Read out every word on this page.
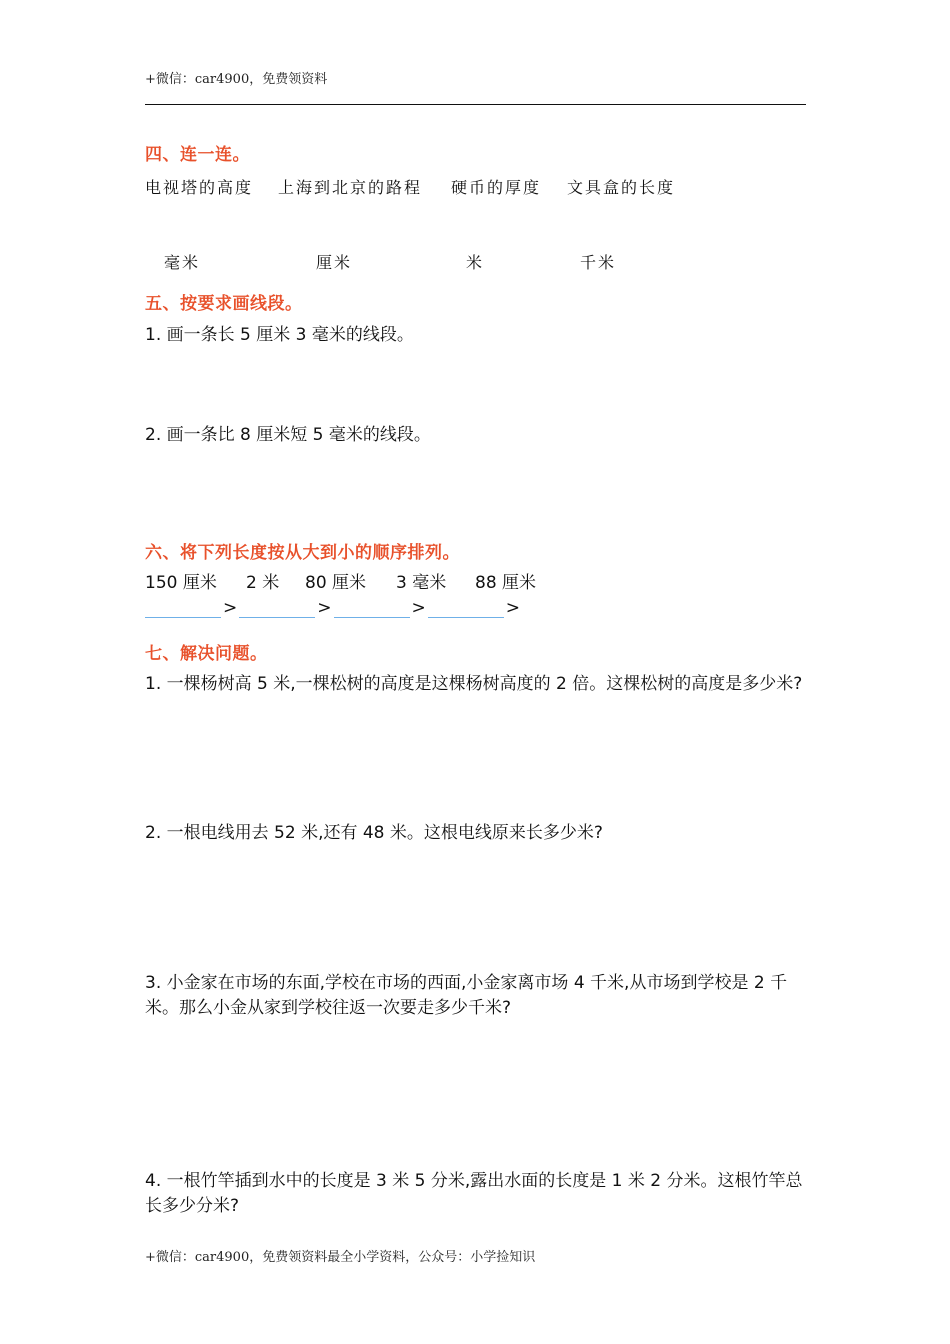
+微信：car4900，免费领资料
四、连一连。
电视塔的高度 上海到北京的路程 硬币的厚度 文具盒的长度
毫米	厘米	米	千米
五、按要求画线段。
1. 画一条长 5 厘米 3 毫米的线段。
2. 画一条比 8 厘米短 5 毫米的线段。
六、将下列长度按从大到小的顺序排列。
150 厘米 2 米 80 厘米 3 毫米 88 厘米
>	>	>	>
七、解决问题。
1. 一棵杨树高 5 米,一棵松树的高度是这棵杨树高度的 2 倍。这棵松树的高度是多少米?
2. 一根电线用去 52 米,还有 48 米。这根电线原来长多少米?
3. 小金家在市场的东面,学校在市场的西面,小金家离市场 4 千米,从市场到学校是 2 千米。那么小金从家到学校往返一次要走多少千米?
4. 一根竹竿插到水中的长度是 3 米 5 分米,露出水面的长度是 1 米 2 分米。这根竹竿总长多少分米?
+微信：car4900，免费领资料最全小学资料，公众号：小学捡知识
